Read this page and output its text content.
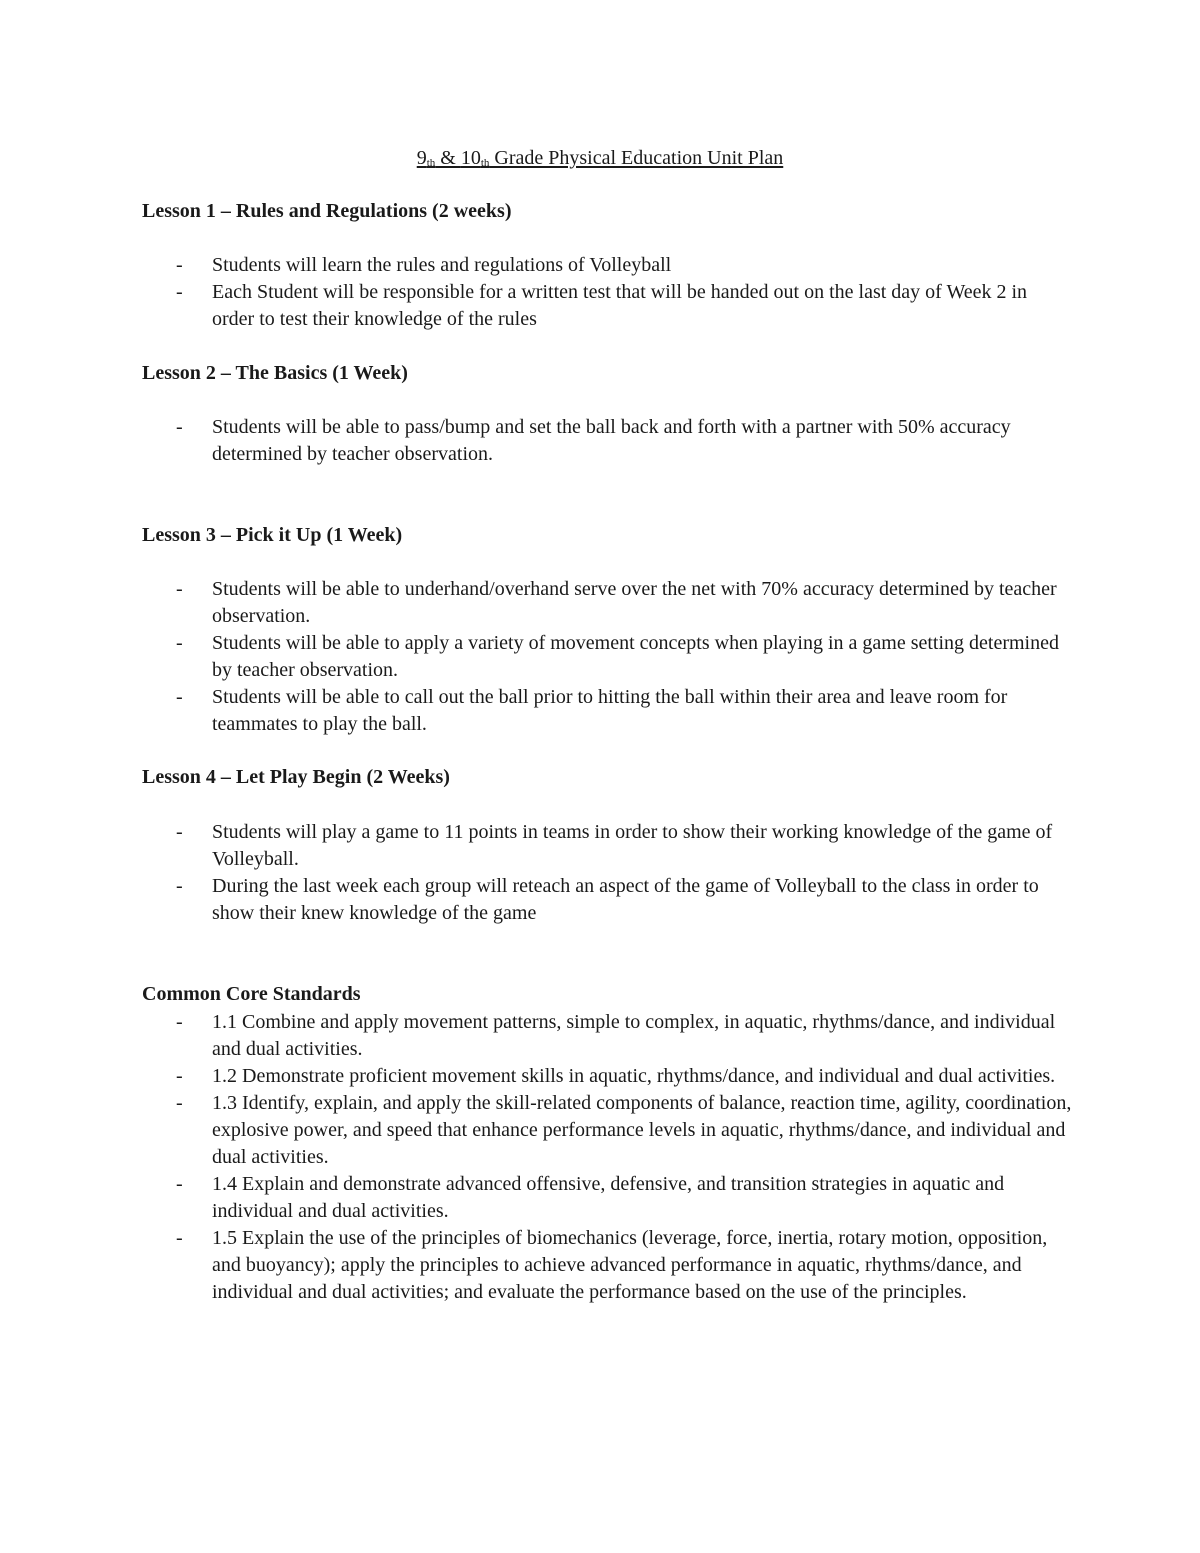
$9_{th}$ & $10_{th}$ Grade Physical Education Unit Plan
Lesson 1 – Rules and Regulations (2 weeks)
- Students will learn the rules and regulations of Volleyball
- Each Student will be responsible for a written test that will be handed out on the last day of Week 2 in order to test their knowledge of the rules
Lesson 2 – The Basics (1 Week)
- Students will be able to pass/bump and set the ball back and forth with a partner with 50% accuracy determined by teacher observation.
Lesson 3 – Pick it Up (1 Week)
- Students will be able to underhand/overhand serve over the net with 70% accuracy determined by teacher observation.
- Students will be able to apply a variety of movement concepts when playing in a game setting determined by teacher observation.
- Students will be able to call out the ball prior to hitting the ball within their area and leave room for teammates to play the ball.
Lesson 4 – Let Play Begin (2 Weeks)
- Students will play a game to 11 points in teams in order to show their working knowledge of the game of Volleyball.
- During the last week each group will reteach an aspect of the game of Volleyball to the class in order to show their knew knowledge of the game
Common Core Standards
- 1.1 Combine and apply movement patterns, simple to complex, in aquatic, rhythms/dance, and individual and dual activities.
- 1.2 Demonstrate proficient movement skills in aquatic, rhythms/dance, and individual and dual activities.
- 1.3 Identify, explain, and apply the skill-related components of balance, reaction time, agility, coordination, explosive power, and speed that enhance performance levels in aquatic, rhythms/dance, and individual and dual activities.
- 1.4 Explain and demonstrate advanced offensive, defensive, and transition strategies in aquatic and individual and dual activities.
- 1.5 Explain the use of the principles of biomechanics (leverage, force, inertia, rotary motion, opposition, and buoyancy); apply the principles to achieve advanced performance in aquatic, rhythms/dance, and individual and dual activities; and evaluate the performance based on the use of the principles.
